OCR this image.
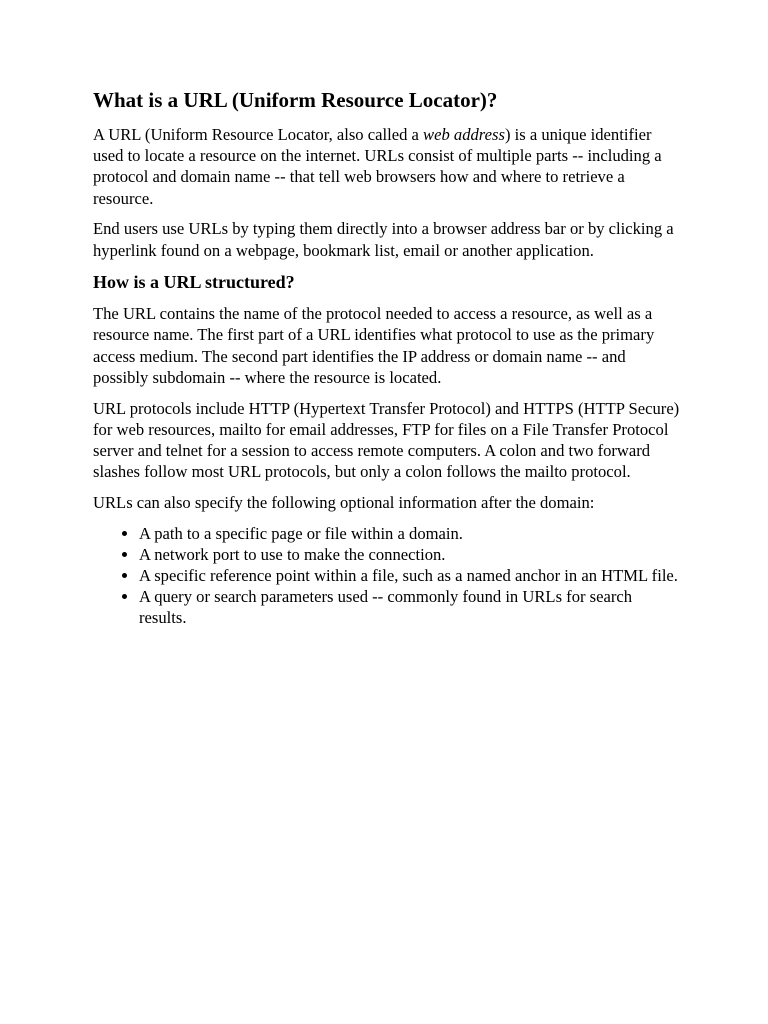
What is a URL (Uniform Resource Locator)?

A URL (Uniform Resource Locator, also called a web address) is a unique identifier used to locate a resource on the internet. URLs consist of multiple parts -- including a protocol and domain name -- that tell web browsers how and where to retrieve a resource.

End users use URLs by typing them directly into a browser address bar or by clicking a hyperlink found on a webpage, bookmark list, email or another application.

How is a URL structured?

The URL contains the name of the protocol needed to access a resource, as well as a resource name. The first part of a URL identifies what protocol to use as the primary access medium. The second part identifies the IP address or domain name -- and possibly subdomain -- where the resource is located.

URL protocols include HTTP (Hypertext Transfer Protocol) and HTTPS (HTTP Secure) for web resources, mailto for email addresses, FTP for files on a File Transfer Protocol server and telnet for a session to access remote computers. A colon and two forward slashes follow most URL protocols, but only a colon follows the mailto protocol.

URLs can also specify the following optional information after the domain:

• A path to a specific page or file within a domain.
• A network port to use to make the connection.
• A specific reference point within a file, such as a named anchor in an HTML file.
• A query or search parameters used -- commonly found in URLs for search results.
